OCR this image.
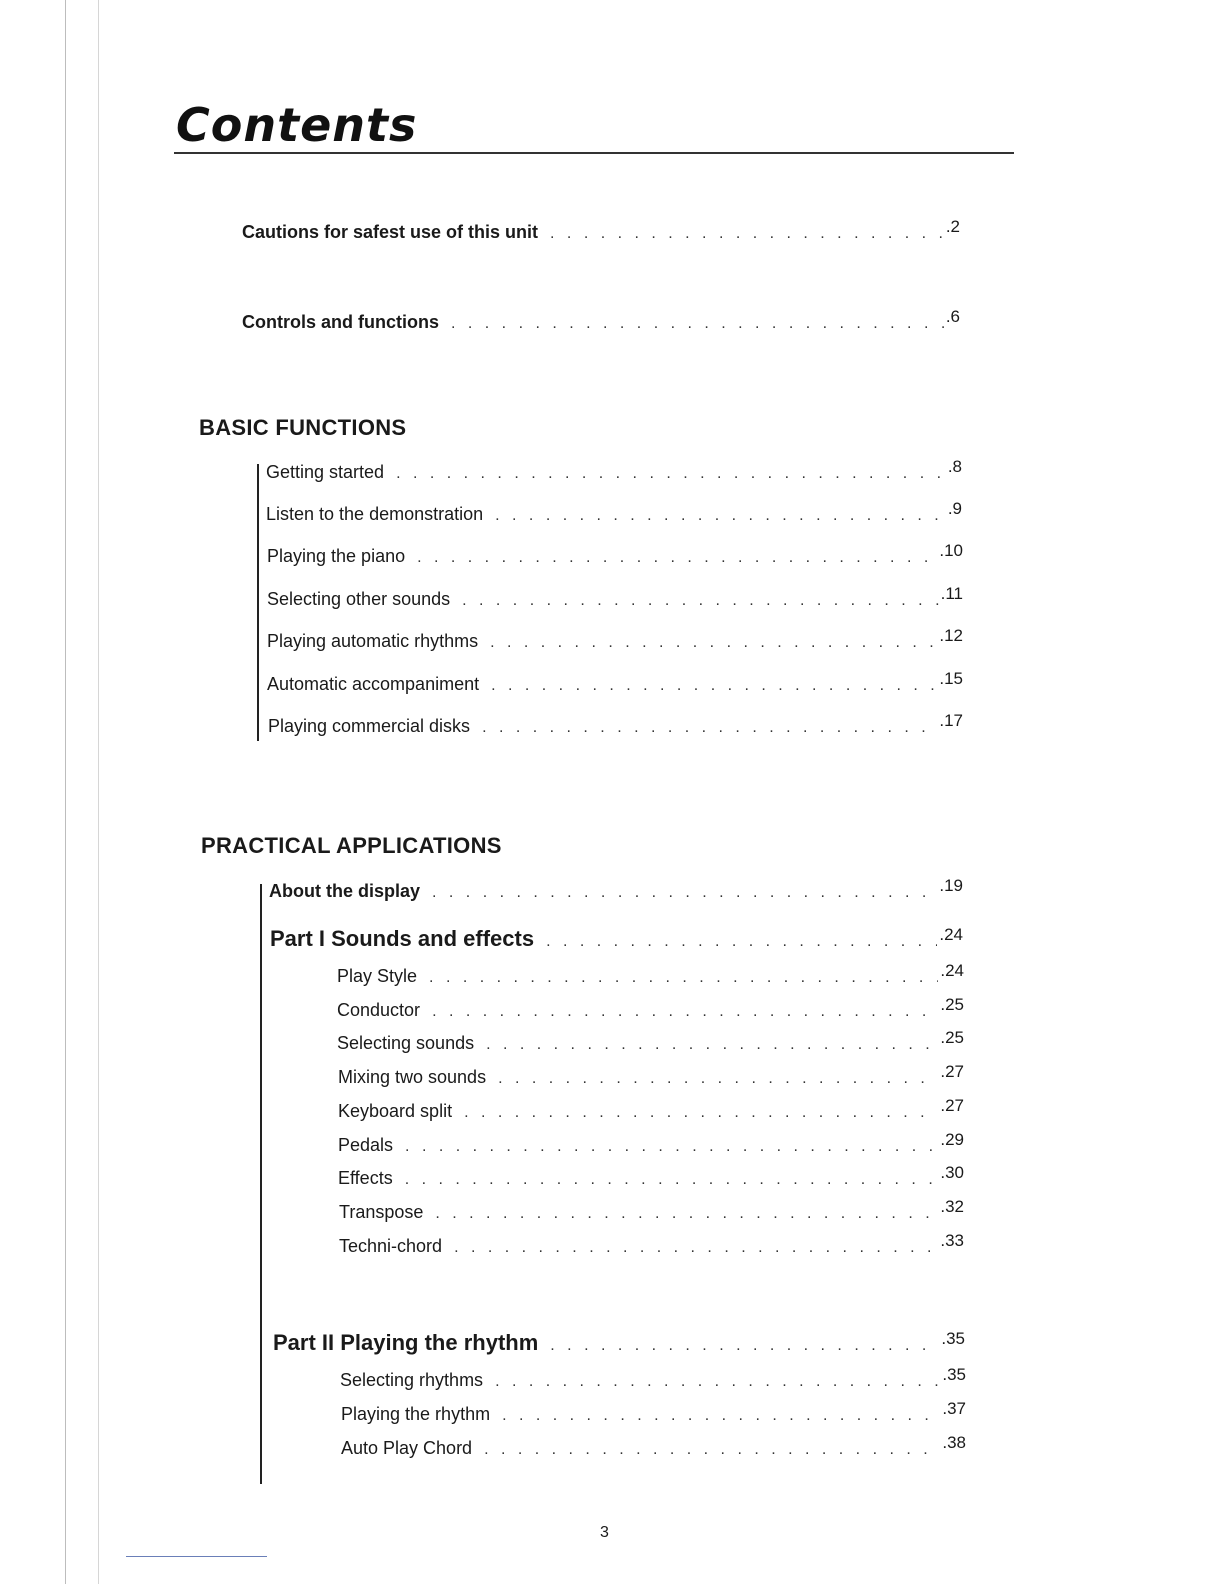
Contents
Cautions for safest use of this unit . . .	.2
Controls and functions . . .	.6
BASIC FUNCTIONS
Getting started . . .	.8
Listen to the demonstration . . .	.9
Playing the piano . . .	.10
Selecting other sounds . . .	.11
Playing automatic rhythms . . .	.12
Automatic accompaniment . . .	.15
Playing commercial disks . . .	.17
PRACTICAL APPLICATIONS
About the display . . .	.19
Part I Sounds and effects . . .	.24
Play Style . . .	.24
Conductor . . .	.25
Selecting sounds . . .	.25
Mixing two sounds . . .	.27
Keyboard split . . .	.27
Pedals . . .	.29
Effects . . .	.30
Transpose . . .	.32
Techni-chord . . .	.33
Part II Playing the rhythm . . .	.35
Selecting rhythms . . .	.35
Playing the rhythm . . .	.37
Auto Play Chord . . .	.38
3
